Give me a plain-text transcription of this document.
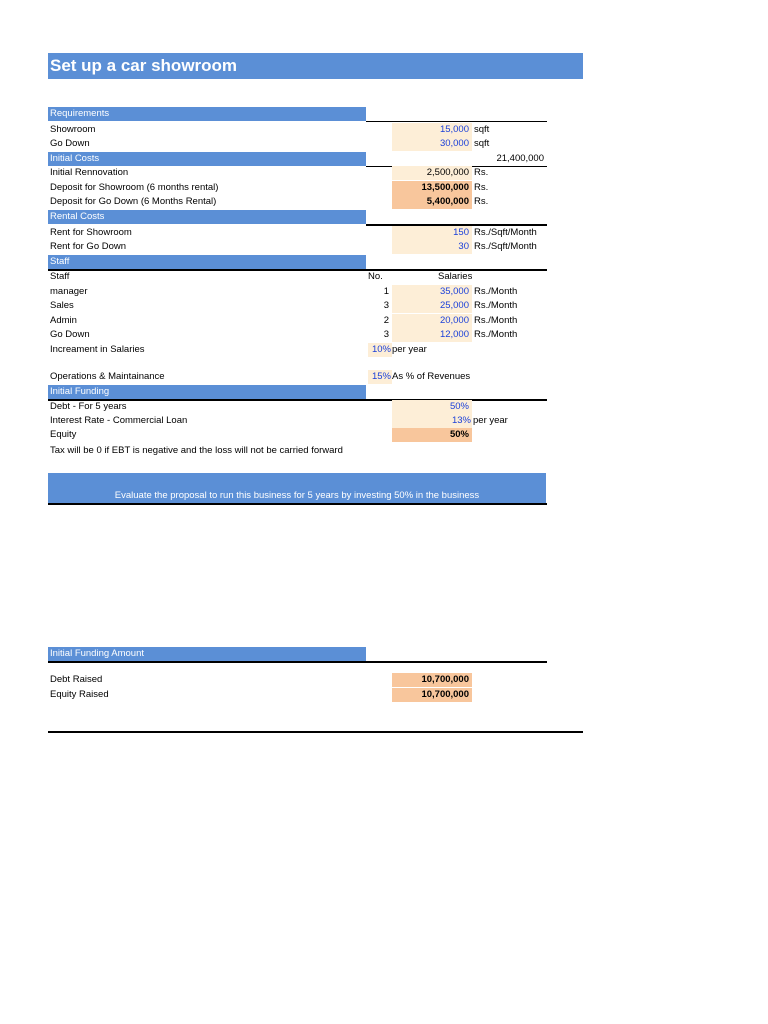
Set up a car showroom
Requirements
Showroom	15,000 sqft
Go Down	30,000 sqft
Initial Costs	21,400,000
Initial Rennovation	2,500,000 Rs.
Deposit for Showroom (6 months rental)	13,500,000 Rs.
Deposit for Go Down (6 Months Rental)	5,400,000 Rs.
Rental Costs
Rent for Showroom	150 Rs./Sqft/Month
Rent for Go Down	30 Rs./Sqft/Month
Staff
Staff	No.	Salaries
manager	1	35,000 Rs./Month
Sales	3	25,000 Rs./Month
Admin	2	20,000 Rs./Month
Go Down	3	12,000 Rs./Month
Increament in Salaries	10% per year
Operations & Maintainance	15% As % of Revenues
Initial Funding
Debt - For 5 years	50%
Interest Rate - Commercial Loan	13% per year
Equity	50%
Tax will be 0 if EBT is negative and the loss will not be carried forward
Evaluate the proposal to run this business for 5 years by investing 50% in the business
Initial Funding Amount
Debt Raised	10,700,000
Equity Raised	10,700,000
